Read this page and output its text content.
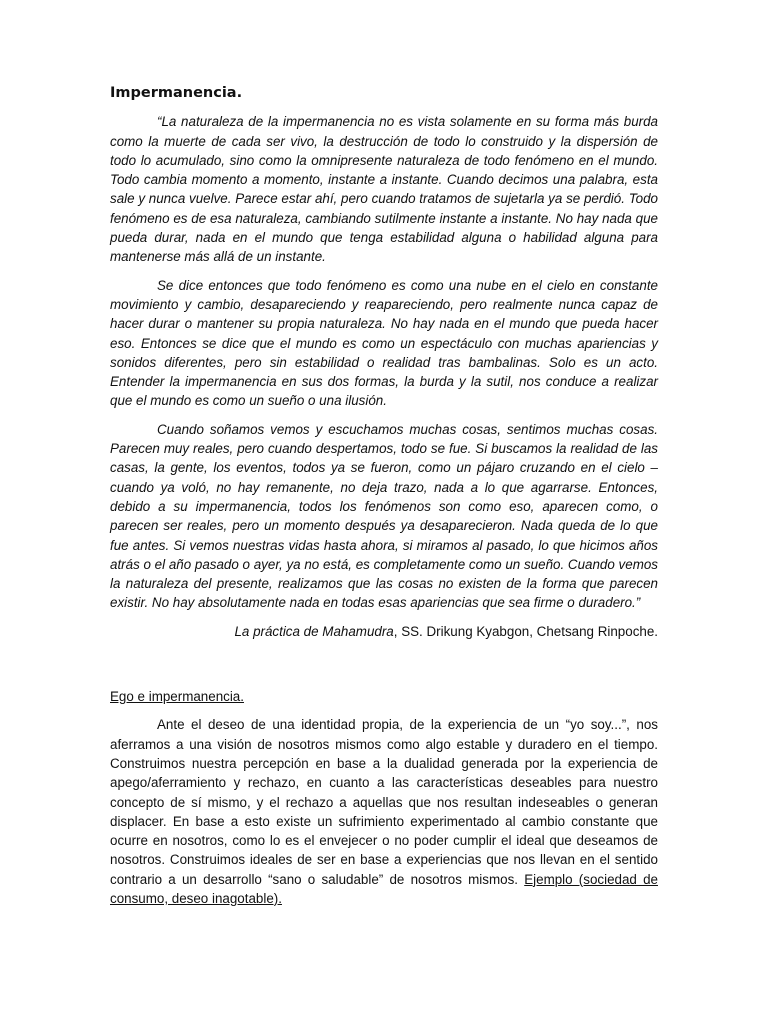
Impermanencia.

“La naturaleza de la impermanencia no es vista solamente en su forma más burda como la muerte de cada ser vivo, la destrucción de todo lo construido y la dispersión de todo lo acumulado, sino como la omnipresente naturaleza de todo fenómeno en el mundo. Todo cambia momento a momento, instante a instante. Cuando decimos una palabra, esta sale y nunca vuelve. Parece estar ahí, pero cuando tratamos de sujetarla ya se perdió. Todo fenómeno es de esa naturaleza, cambiando sutilmente instante a instante. No hay nada que pueda durar, nada en el mundo que tenga estabilidad alguna o habilidad alguna para mantenerse más allá de un instante.

Se dice entonces que todo fenómeno es como una nube en el cielo en constante movimiento y cambio, desapareciendo y reapareciendo, pero realmente nunca capaz de hacer durar o mantener su propia naturaleza. No hay nada en el mundo que pueda hacer eso. Entonces se dice que el mundo es como un espectáculo con muchas apariencias y sonidos diferentes, pero sin estabilidad o realidad tras bambalinas. Solo es un acto. Entender la impermanencia en sus dos formas, la burda y la sutil, nos conduce a realizar que el mundo es como un sueño o una ilusión.

Cuando soñamos vemos y escuchamos muchas cosas, sentimos muchas cosas. Parecen muy reales, pero cuando despertamos, todo se fue. Si buscamos la realidad de las casas, la gente, los eventos, todos ya se fueron, como un pájaro cruzando en el cielo – cuando ya voló, no hay remanente, no deja trazo, nada a lo que agarrarse. Entonces, debido a su impermanencia, todos los fenómenos son como eso, aparecen como, o parecen ser reales, pero un momento después ya desaparecieron. Nada queda de lo que fue antes. Si vemos nuestras vidas hasta ahora, si miramos al pasado, lo que hicimos años atrás o el año pasado o ayer, ya no está, es completamente como un sueño. Cuando vemos la naturaleza del presente, realizamos que las cosas no existen de la forma que parecen existir. No hay absolutamente nada en todas esas apariencias que sea firme o duradero.”

La práctica de Mahamudra, SS. Drikung Kyabgon, Chetsang Rinpoche.
Ego e impermanencia.

Ante el deseo de una identidad propia, de la experiencia de un “yo soy...”, nos aferramos a una visión de nosotros mismos como algo estable y duradero en el tiempo. Construimos nuestra percepción en base a la dualidad generada por la experiencia de apego/aferramiento y rechazo, en cuanto a las características deseables para nuestro concepto de sí mismo, y el rechazo a aquellas que nos resultan indeseables o generan displacer. En base a esto existe un sufrimiento experimentado al cambio constante que ocurre en nosotros, como lo es el envejecer o no poder cumplir el ideal que deseamos de nosotros. Construimos ideales de ser en base a experiencias que nos llevan en el sentido contrario a un desarrollo “sano o saludable” de nosotros mismos. Ejemplo (sociedad de consumo, deseo inagotable).
